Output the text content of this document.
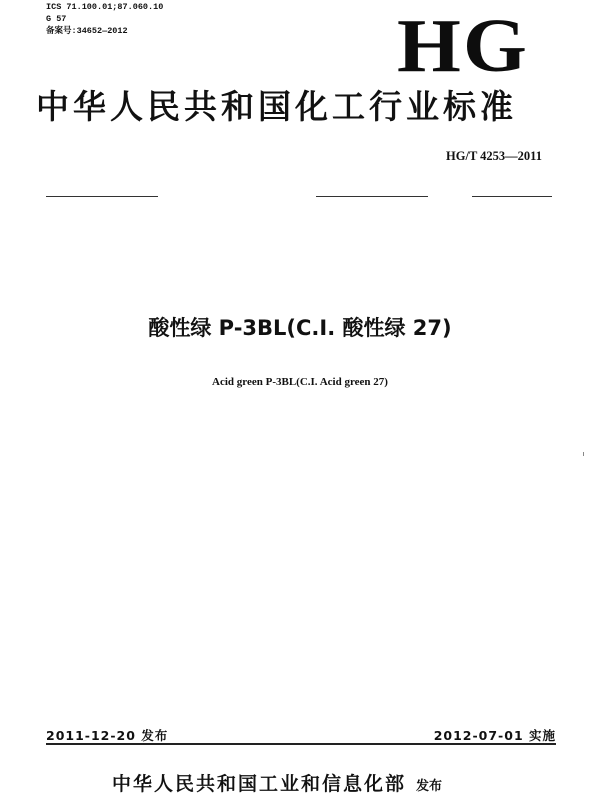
ICS 71.100.01;87.060.10
G 57
备案号:34652—2012	HG
中华人民共和国化工行业标准
HG/T 4253—2011
酸性绿 P-3BL(C.I. 酸性绿 27)
Acid green P-3BL(C.I. Acid green 27)
2011-12-20 发布	2012-07-01 实施
中华人民共和国工业和信息化部 发布
